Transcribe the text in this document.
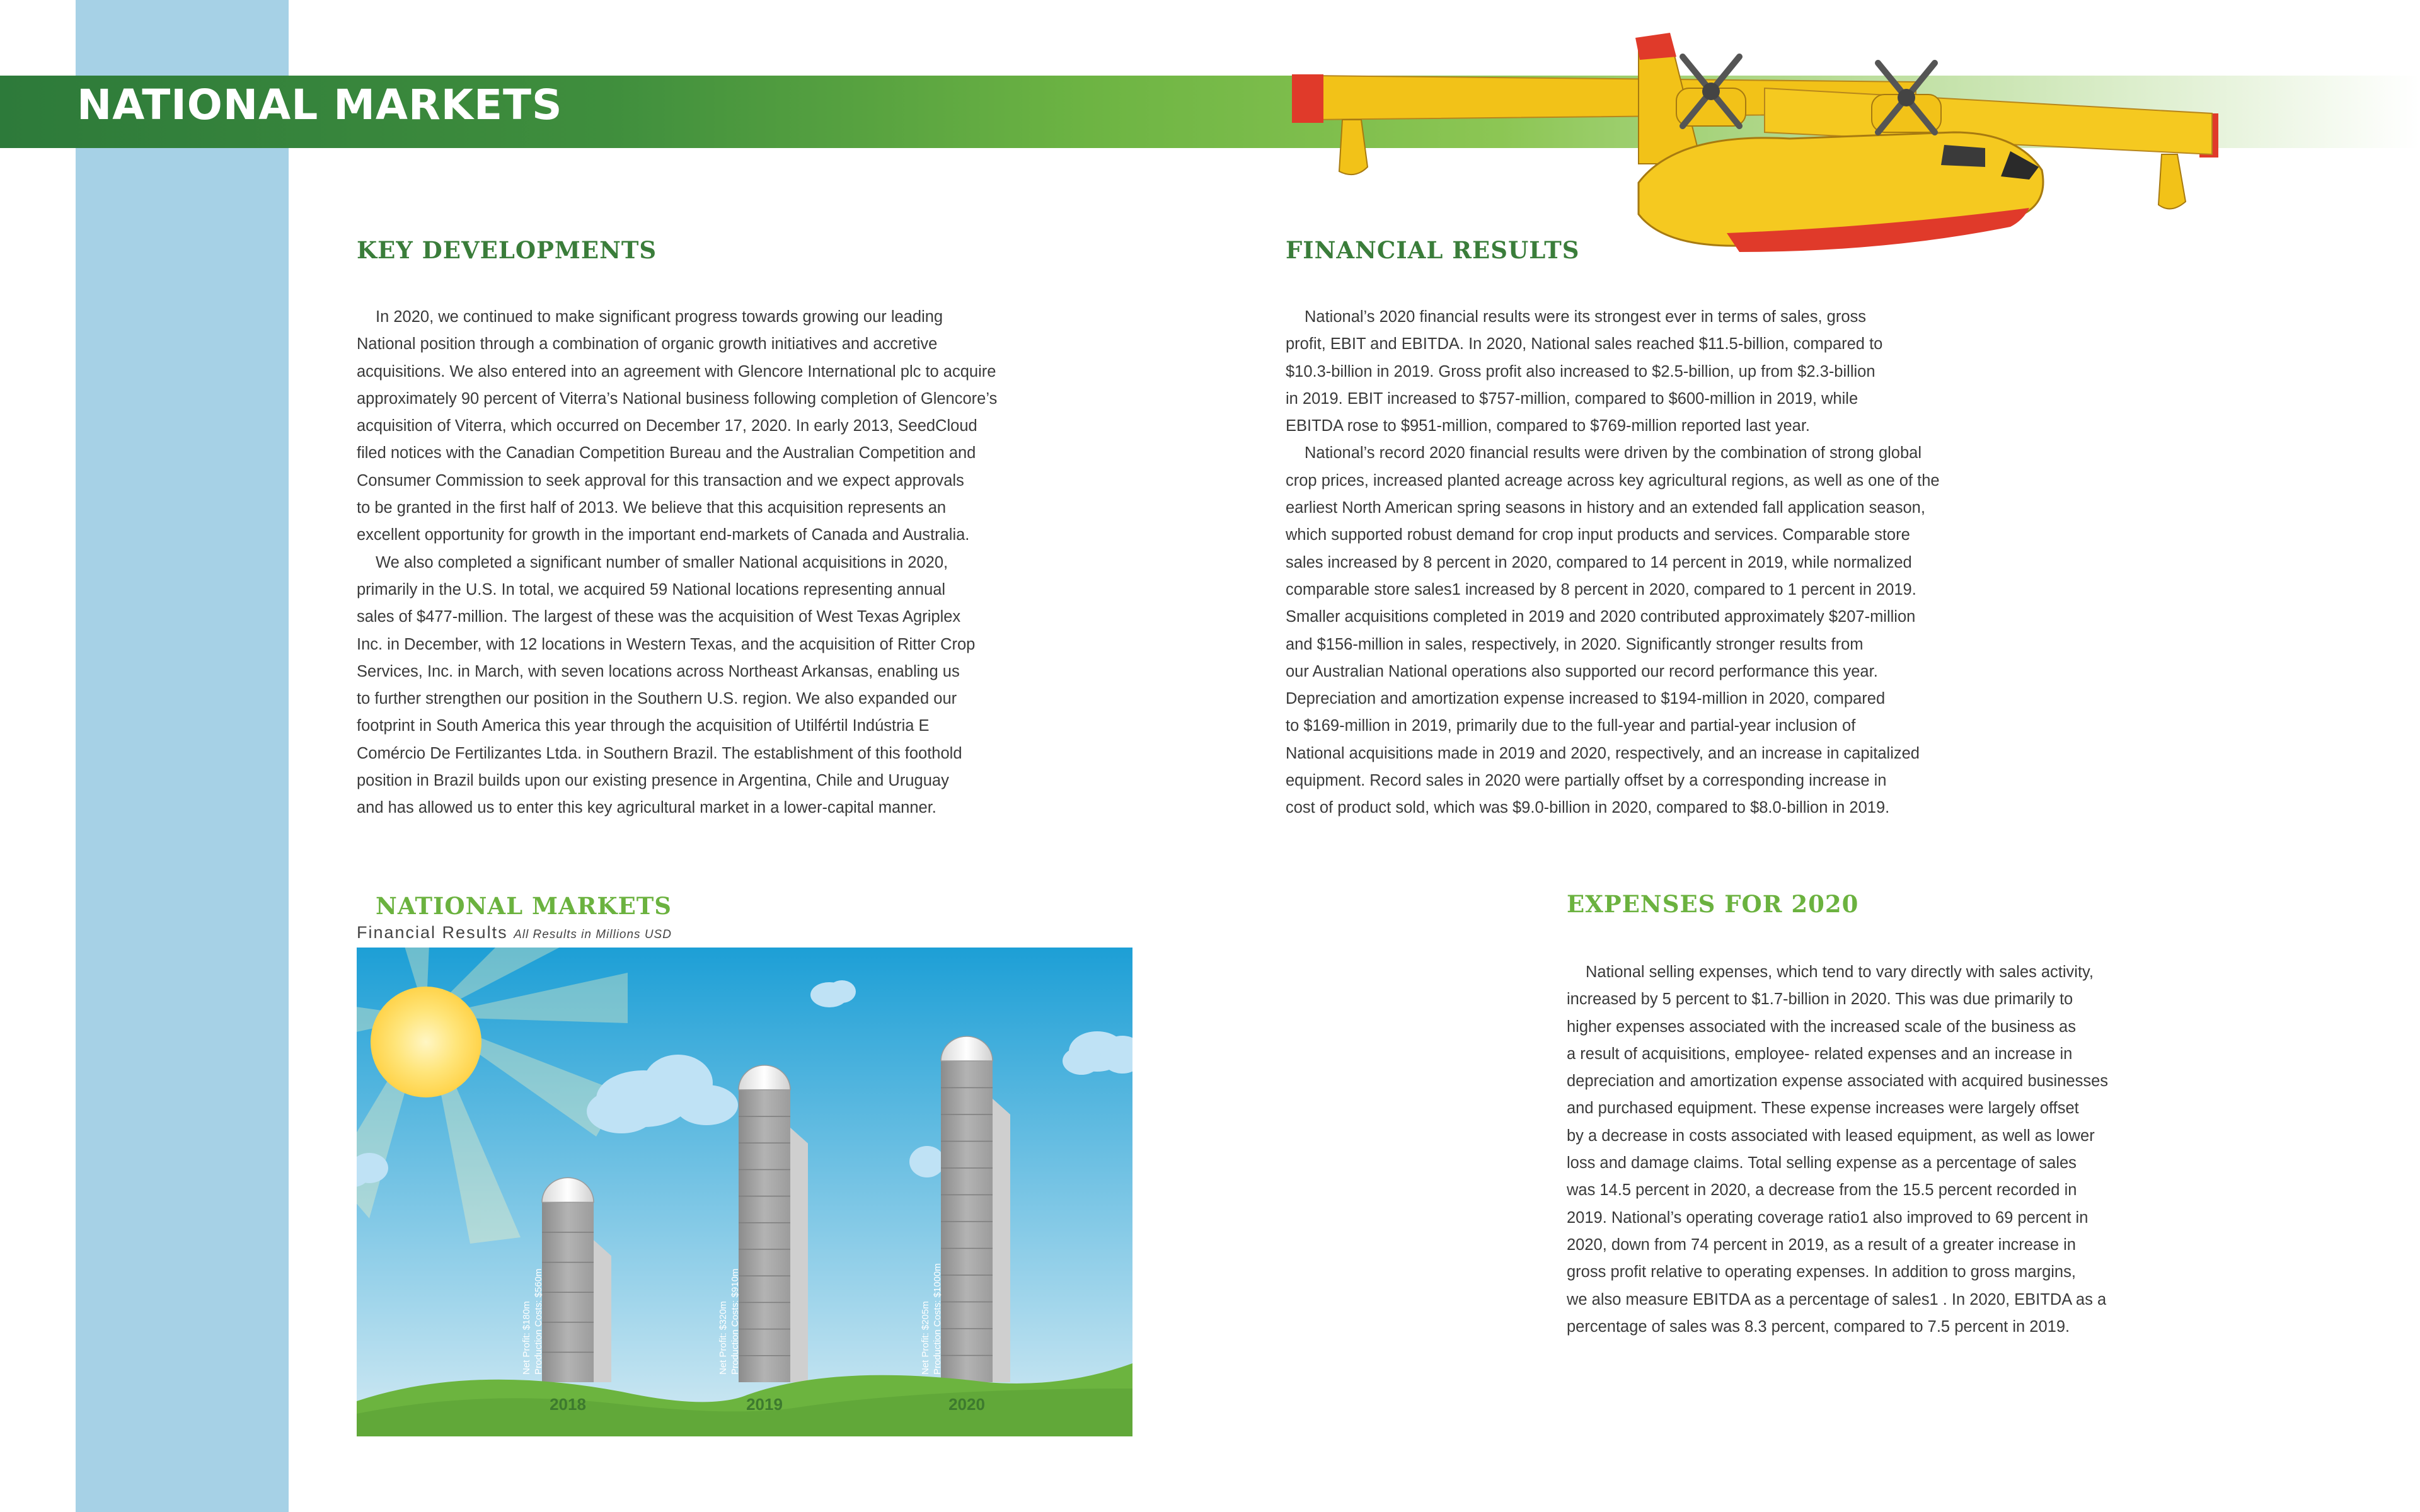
NATIONAL MARKETS
KEY DEVELOPMENTS
In 2020, we continued to make significant progress towards growing our leading
National position through a combination of organic growth initiatives and accretive
acquisitions. We also entered into an agreement with Glencore International plc to acquire
approximately 90 percent of Viterra’s National business following completion of Glencore’s
acquisition of Viterra, which occurred on December 17, 2020. In early 2013, SeedCloud
filed notices with the Canadian Competition Bureau and the Australian Competition and
Consumer Commission to seek approval for this transaction and we expect approvals
to be granted in the first half of 2013. We believe that this acquisition represents an
excellent opportunity for growth in the important end-markets of Canada and Australia.
We also completed a significant number of smaller National acquisitions in 2020,
primarily in the U.S. In total, we acquired 59 National locations representing annual
sales of $477-million. The largest of these was the acquisition of West Texas Agriplex
Inc. in December, with 12 locations in Western Texas, and the acquisition of Ritter Crop
Services, Inc. in March, with seven locations across Northeast Arkansas, enabling us
to further strengthen our position in the Southern U.S. region. We also expanded our
footprint in South America this year through the acquisition of Utilfértil Indústria E
Comércio De Fertilizantes Ltda. in Southern Brazil. The establishment of this foothold
position in Brazil builds upon our existing presence in Argentina, Chile and Uruguay
and has allowed us to enter this key agricultural market in a lower-capital manner.
FINANCIAL RESULTS
National’s 2020 financial results were its strongest ever in terms of sales, gross
profit, EBIT and EBITDA. In 2020, National sales reached $11.5-billion, compared to
$10.3-billion in 2019. Gross profit also increased to $2.5-billion, up from $2.3-billion
in 2019. EBIT increased to $757-million, compared to $600-million in 2019, while
EBITDA rose to $951-million, compared to $769-million reported last year.
National’s record 2020 financial results were driven by the combination of strong global
crop prices, increased planted acreage across key agricultural regions, as well as one of the
earliest North American spring seasons in history and an extended fall application season,
which supported robust demand for crop input products and services. Comparable store
sales increased by 8 percent in 2020, compared to 14 percent in 2019, while normalized
comparable store sales1 increased by 8 percent in 2020, compared to 1 percent in 2019.
Smaller acquisitions completed in 2019 and 2020 contributed approximately $207-million
and $156-million in sales, respectively, in 2020. Significantly stronger results from
our Australian National operations also supported our record performance this year.
Depreciation and amortization expense increased to $194-million in 2020, compared
to $169-million in 2019, primarily due to the full-year and partial-year inclusion of
National acquisitions made in 2019 and 2020, respectively, and an increase in capitalized
equipment. Record sales in 2020 were partially offset by a corresponding increase in
cost of product sold, which was $9.0-billion in 2020, compared to $8.0-billion in 2019.
EXPENSES FOR 2020
National selling expenses, which tend to vary directly with sales activity,
increased by 5 percent to $1.7-billion in 2020. This was due primarily to
higher expenses associated with the increased scale of the business as
a result of acquisitions, employee- related expenses and an increase in
depreciation and amortization expense associated with acquired businesses
and purchased equipment. These expense increases were largely offset
by a decrease in costs associated with leased equipment, as well as lower
loss and damage claims. Total selling expense as a percentage of sales
was 14.5 percent in 2020, a decrease from the 15.5 percent recorded in
2019. National’s operating coverage ratio1 also improved to 69 percent in
2020, down from 74 percent in 2019, as a result of a greater increase in
gross profit relative to operating expenses. In addition to gross margins,
we also measure EBITDA as a percentage of sales1 . In 2020, EBITDA as a
percentage of sales was 8.3 percent, compared to 7.5 percent in 2019.
NATIONAL MARKETS
Financial Results All Results in Millions USD
Net Profit: $180m Production Costs: $560m	Net Profit: $320m Production Costs: $910m	Net Profit: $205m Production Costs: $1000m
2018	2019	2020
